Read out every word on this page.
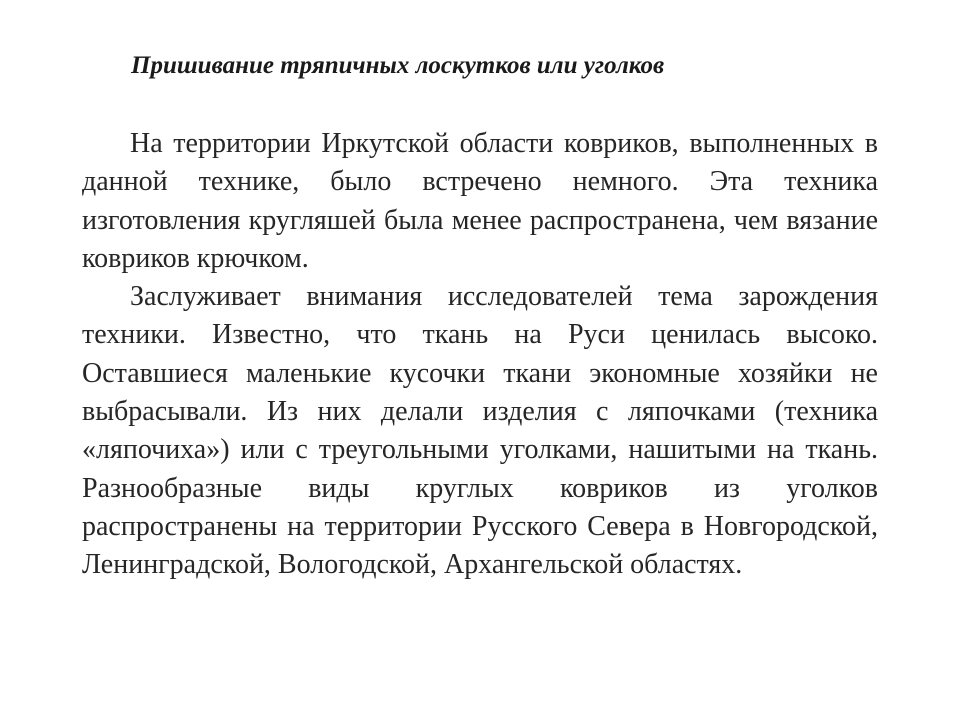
Пришивание тряпичных лоскутков или уголков

На территории Иркутской области ковриков, выполненных в данной технике, было встречено немного. Эта техника изготовления кругляшей была менее распространена, чем вязание ковриков крючком.

Заслуживает внимания исследователей тема зарождения техники. Известно, что ткань на Руси ценилась высоко. Оставшиеся маленькие кусочки ткани экономные хозяйки не выбрасывали. Из них делали изделия с ляпочками (техника «ляпочиха») или с треугольными уголками, нашитыми на ткань.

Разнообразные виды круглых ковриков из уголков распространены на территории Русского Севера в Новгородской, Ленинградской, Вологодской, Архангельской областях.
